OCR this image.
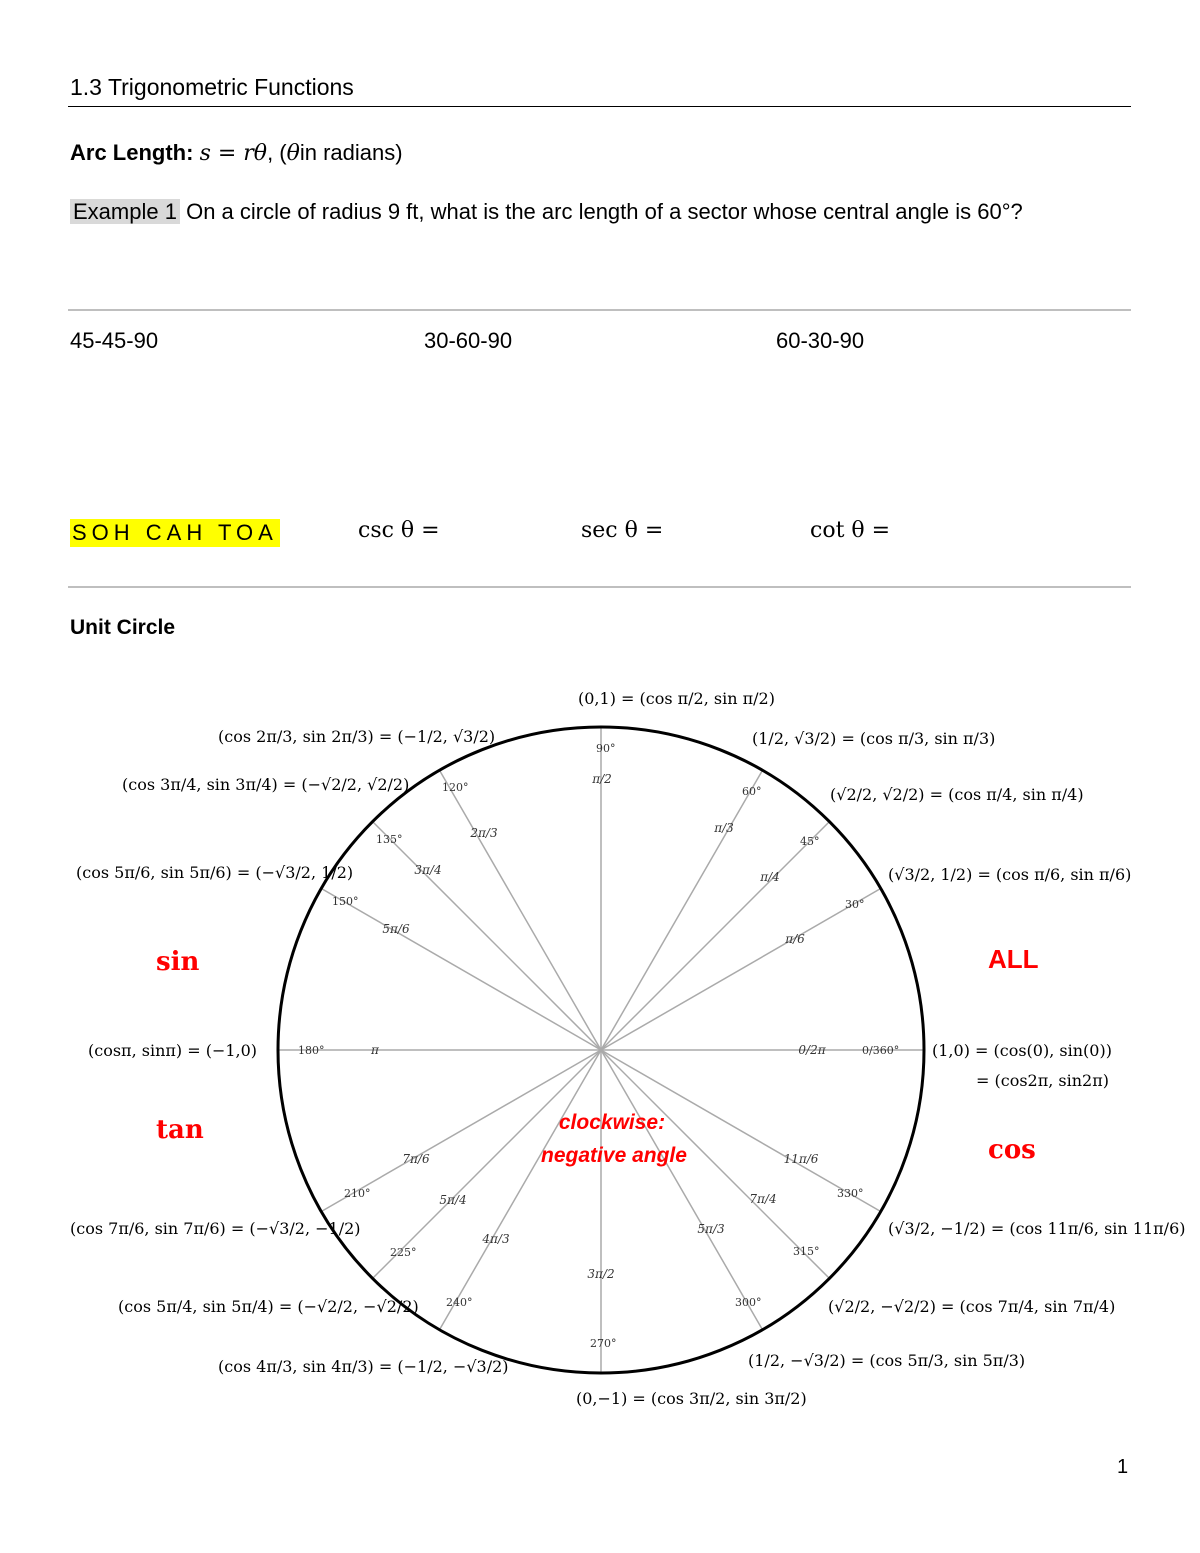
1.3 Trigonometric Functions
Arc Length: s = rθ, (θin radians)
Example 1 On a circle of radius 9 ft, what is the arc length of a sector whose central angle is 60°?
45-45-90	30-60-90	60-30-90
SOH CAH TOA	csc θ =	sec θ =	cot θ =
Unit Circle
0/360°
30°
45°
60°
90°
120°
135°
150°
180°
210°
225°
240°
270°
300°
315°
330°
0/2π
π/6
π/4
π/3
π/2
2π/3
3π/4
5π/6
π
7π/6
5π/4
4π/3
3π/2
5π/3
7π/4
11π/6
ALL
sin
tan
cos
clockwise:
negative angle
(1,0) = (cos(0), sin(0))
= (cos2π, sin2π)
(√3/2, 1/2) = (cos π/6, sin π/6)
(√2/2, √2/2) = (cos π/4, sin π/4)
(1/2, √3/2) = (cos π/3, sin π/3)
(0,1) = (cos π/2, sin π/2)
(cos 2π/3, sin 2π/3) = (−1/2, √3/2)
(cos 3π/4, sin 3π/4) = (−√2/2, √2/2)
(cos 5π/6, sin 5π/6) = (−√3/2, 1/2)
(cosπ, sinπ) = (−1,0)
(cos 7π/6, sin 7π/6) = (−√3/2, −1/2)
(cos 5π/4, sin 5π/4) = (−√2/2, −√2/2)
(cos 4π/3, sin 4π/3) = (−1/2, −√3/2)
(0,−1) = (cos 3π/2, sin 3π/2)
(1/2, −√3/2) = (cos 5π/3, sin 5π/3)
(√2/2, −√2/2) = (cos 7π/4, sin 7π/4)
(√3/2, −1/2) = (cos 11π/6, sin 11π/6)
1
